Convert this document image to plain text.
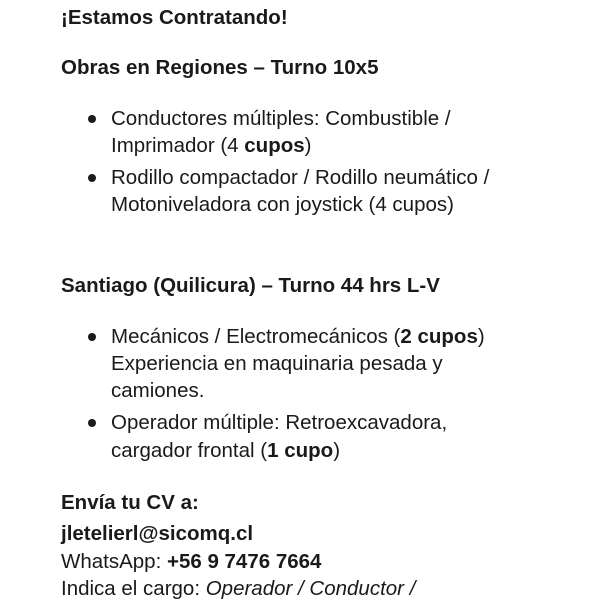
¡Estamos Contratando!
Obras en Regiones – Turno 10x5
Conductores múltiples: Combustible /
Imprimador (4 cupos)
Rodillo compactador / Rodillo neumático /
Motoniveladora con joystick (4 cupos)
Santiago (Quilicura) – Turno 44 hrs L-V
Mecánicos / Electromecánicos (2 cupos)
Experiencia en maquinaria pesada y
camiones.
Operador múltiple: Retroexcavadora,
cargador frontal (1 cupo)
Envía tu CV a:
jletelierl@sicomq.cl
WhatsApp: +56 9 7476 7664
Indica el cargo: Operador / Conductor /
